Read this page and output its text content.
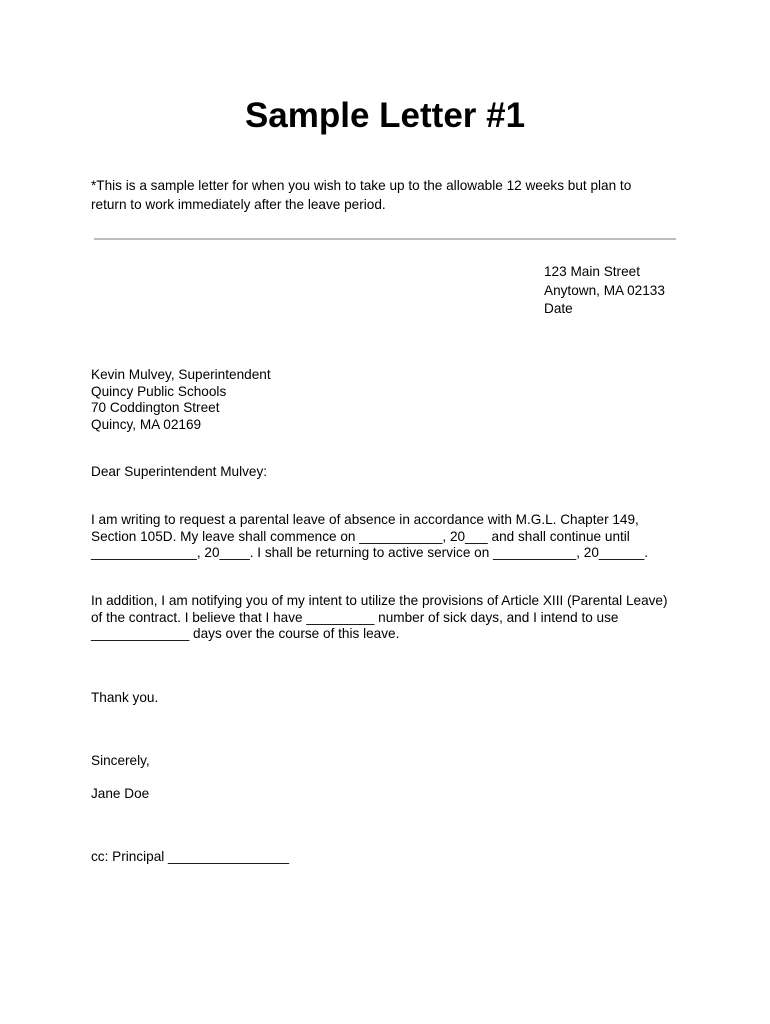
Sample Letter #1
*This is a sample letter for when you wish to take up to the allowable 12 weeks but plan to
return to work immediately after the leave period.
123 Main Street
Anytown, MA 02133
Date
Kevin Mulvey, Superintendent
Quincy Public Schools
70 Coddington Street
Quincy, MA 02169
Dear Superintendent Mulvey:
I am writing to request a parental leave of absence in accordance with M.G.L. Chapter 149,
Section 105D. My leave shall commence on ___________, 20___ and shall continue until
______________, 20____. I shall be returning to active service on ___________, 20______.
In addition, I am notifying you of my intent to utilize the provisions of Article XIII (Parental Leave)
of the contract. I believe that I have _________ number of sick days, and I intend to use
_____________ days over the course of this leave.
Thank you.
Sincerely,
Jane Doe
cc: Principal ________________
